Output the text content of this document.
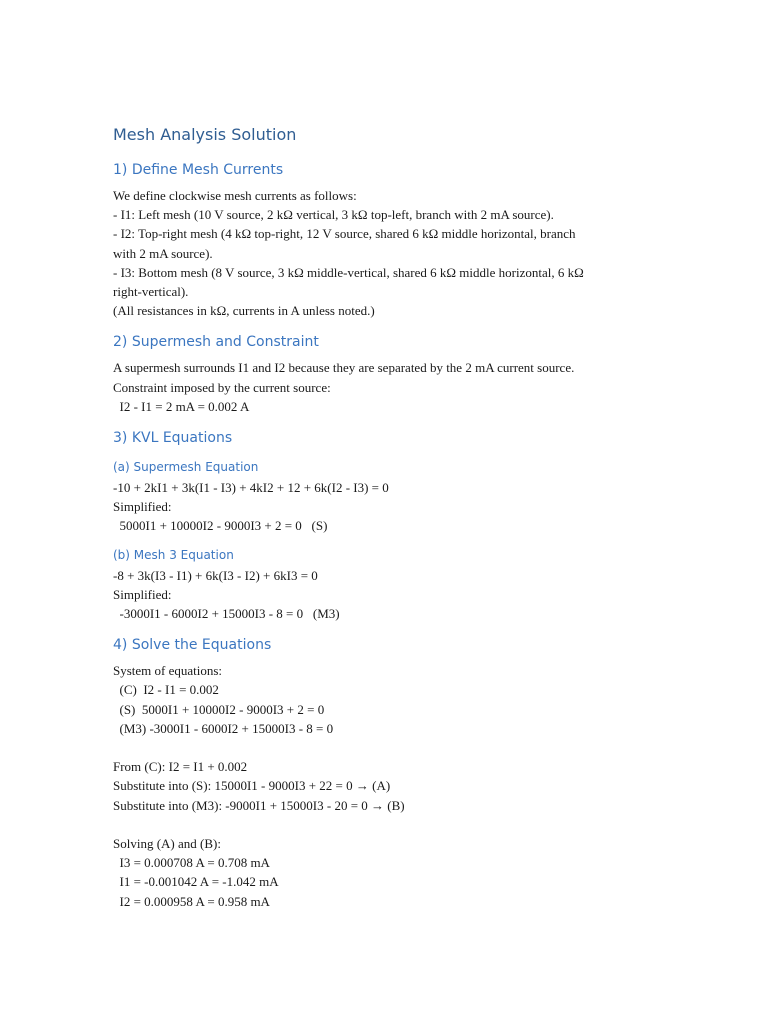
Mesh Analysis Solution
1) Define Mesh Currents
We define clockwise mesh currents as follows:
- I1: Left mesh (10 V source, 2 kΩ vertical, 3 kΩ top-left, branch with 2 mA source).
- I2: Top-right mesh (4 kΩ top-right, 12 V source, shared 6 kΩ middle horizontal, branch
with 2 mA source).
- I3: Bottom mesh (8 V source, 3 kΩ middle-vertical, shared 6 kΩ middle horizontal, 6 kΩ
right-vertical).
(All resistances in kΩ, currents in A unless noted.)
2) Supermesh and Constraint
A supermesh surrounds I1 and I2 because they are separated by the 2 mA current source.
Constraint imposed by the current source:
I2 - I1 = 2 mA = 0.002 A
3) KVL Equations
(a) Supermesh Equation
-10 + 2kI1 + 3k(I1 - I3) + 4kI2 + 12 + 6k(I2 - I3) = 0
Simplified:
5000I1 + 10000I2 - 9000I3 + 2 = 0   (S)
(b) Mesh 3 Equation
-8 + 3k(I3 - I1) + 6k(I3 - I2) + 6kI3 = 0
Simplified:
-3000I1 - 6000I2 + 15000I3 - 8 = 0   (M3)
4) Solve the Equations
System of equations:
(C)  I2 - I1 = 0.002
(S)  5000I1 + 10000I2 - 9000I3 + 2 = 0
(M3) -3000I1 - 6000I2 + 15000I3 - 8 = 0
From (C): I2 = I1 + 0.002
Substitute into (S): 15000I1 - 9000I3 + 22 = 0 → (A)
Substitute into (M3): -9000I1 + 15000I3 - 20 = 0 → (B)
Solving (A) and (B):
I3 = 0.000708 A = 0.708 mA
I1 = -0.001042 A = -1.042 mA
I2 = 0.000958 A = 0.958 mA
